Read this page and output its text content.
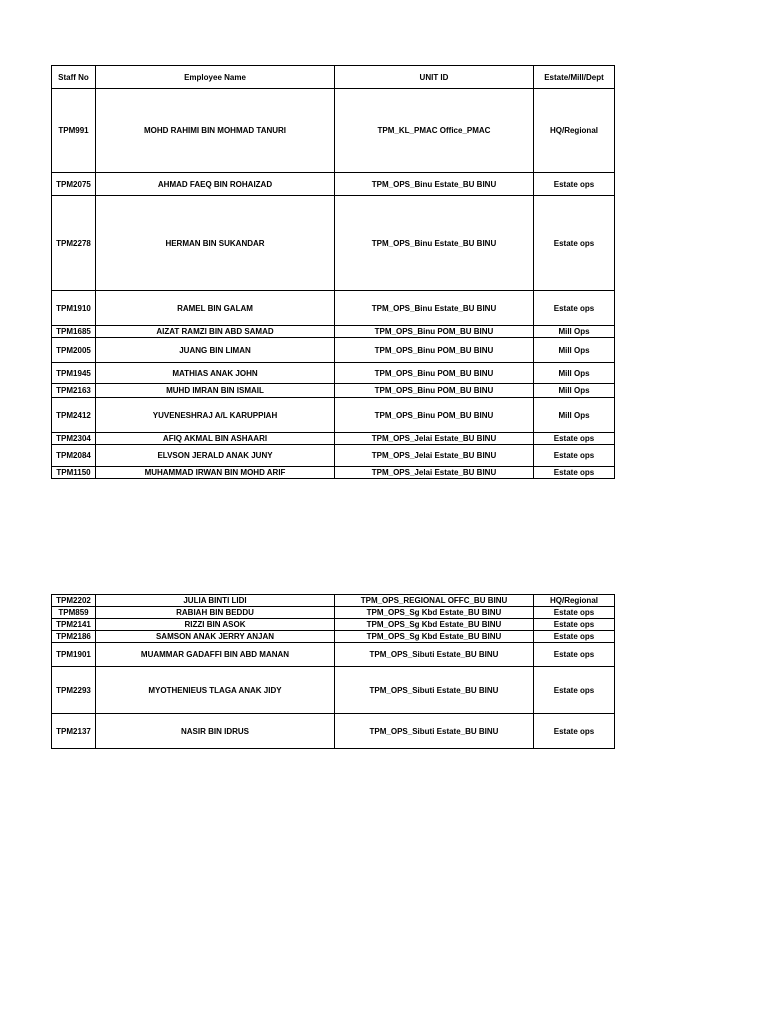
Staff No	Employee Name	UNIT ID	Estate/Mill/Dept
TPM991	MOHD RAHIMI BIN MOHMAD TANURI	TPM_KL_PMAC Office_PMAC	HQ/Regional
TPM2075	AHMAD FAEQ BIN ROHAIZAD	TPM_OPS_Binu Estate_BU BINU	Estate ops
TPM2278	HERMAN BIN SUKANDAR	TPM_OPS_Binu Estate_BU BINU	Estate ops
TPM1910	RAMEL BIN GALAM	TPM_OPS_Binu Estate_BU BINU	Estate ops
TPM1685	AIZAT RAMZI BIN ABD SAMAD	TPM_OPS_Binu POM_BU BINU	Mill Ops
TPM2005	JUANG BIN LIMAN	TPM_OPS_Binu POM_BU BINU	Mill Ops
TPM1945	MATHIAS ANAK JOHN	TPM_OPS_Binu POM_BU BINU	Mill Ops
TPM2163	MUHD IMRAN BIN ISMAIL	TPM_OPS_Binu POM_BU BINU	Mill Ops
TPM2412	YUVENESHRAJ A/L KARUPPIAH	TPM_OPS_Binu POM_BU BINU	Mill Ops
TPM2304	AFIQ AKMAL BIN ASHAARI	TPM_OPS_Jelai Estate_BU BINU	Estate ops
TPM2084	ELVSON JERALD ANAK JUNY	TPM_OPS_Jelai Estate_BU BINU	Estate ops
TPM1150	MUHAMMAD IRWAN BIN MOHD ARIF	TPM_OPS_Jelai Estate_BU BINU	Estate ops
TPM2202	JULIA BINTI LIDI	TPM_OPS_REGIONAL OFFC_BU BINU	HQ/Regional
TPM859	RABIAH BIN BEDDU	TPM_OPS_Sg Kbd Estate_BU BINU	Estate ops
TPM2141	RIZZI BIN ASOK	TPM_OPS_Sg Kbd Estate_BU BINU	Estate ops
TPM2186	SAMSON ANAK JERRY ANJAN	TPM_OPS_Sg Kbd Estate_BU BINU	Estate ops
TPM1901	MUAMMAR GADAFFI BIN ABD MANAN	TPM_OPS_Sibuti Estate_BU BINU	Estate ops
TPM2293	MYOTHENIEUS TLAGA ANAK JIDY	TPM_OPS_Sibuti Estate_BU BINU	Estate ops
TPM2137	NASIR BIN IDRUS	TPM_OPS_Sibuti Estate_BU BINU	Estate ops
